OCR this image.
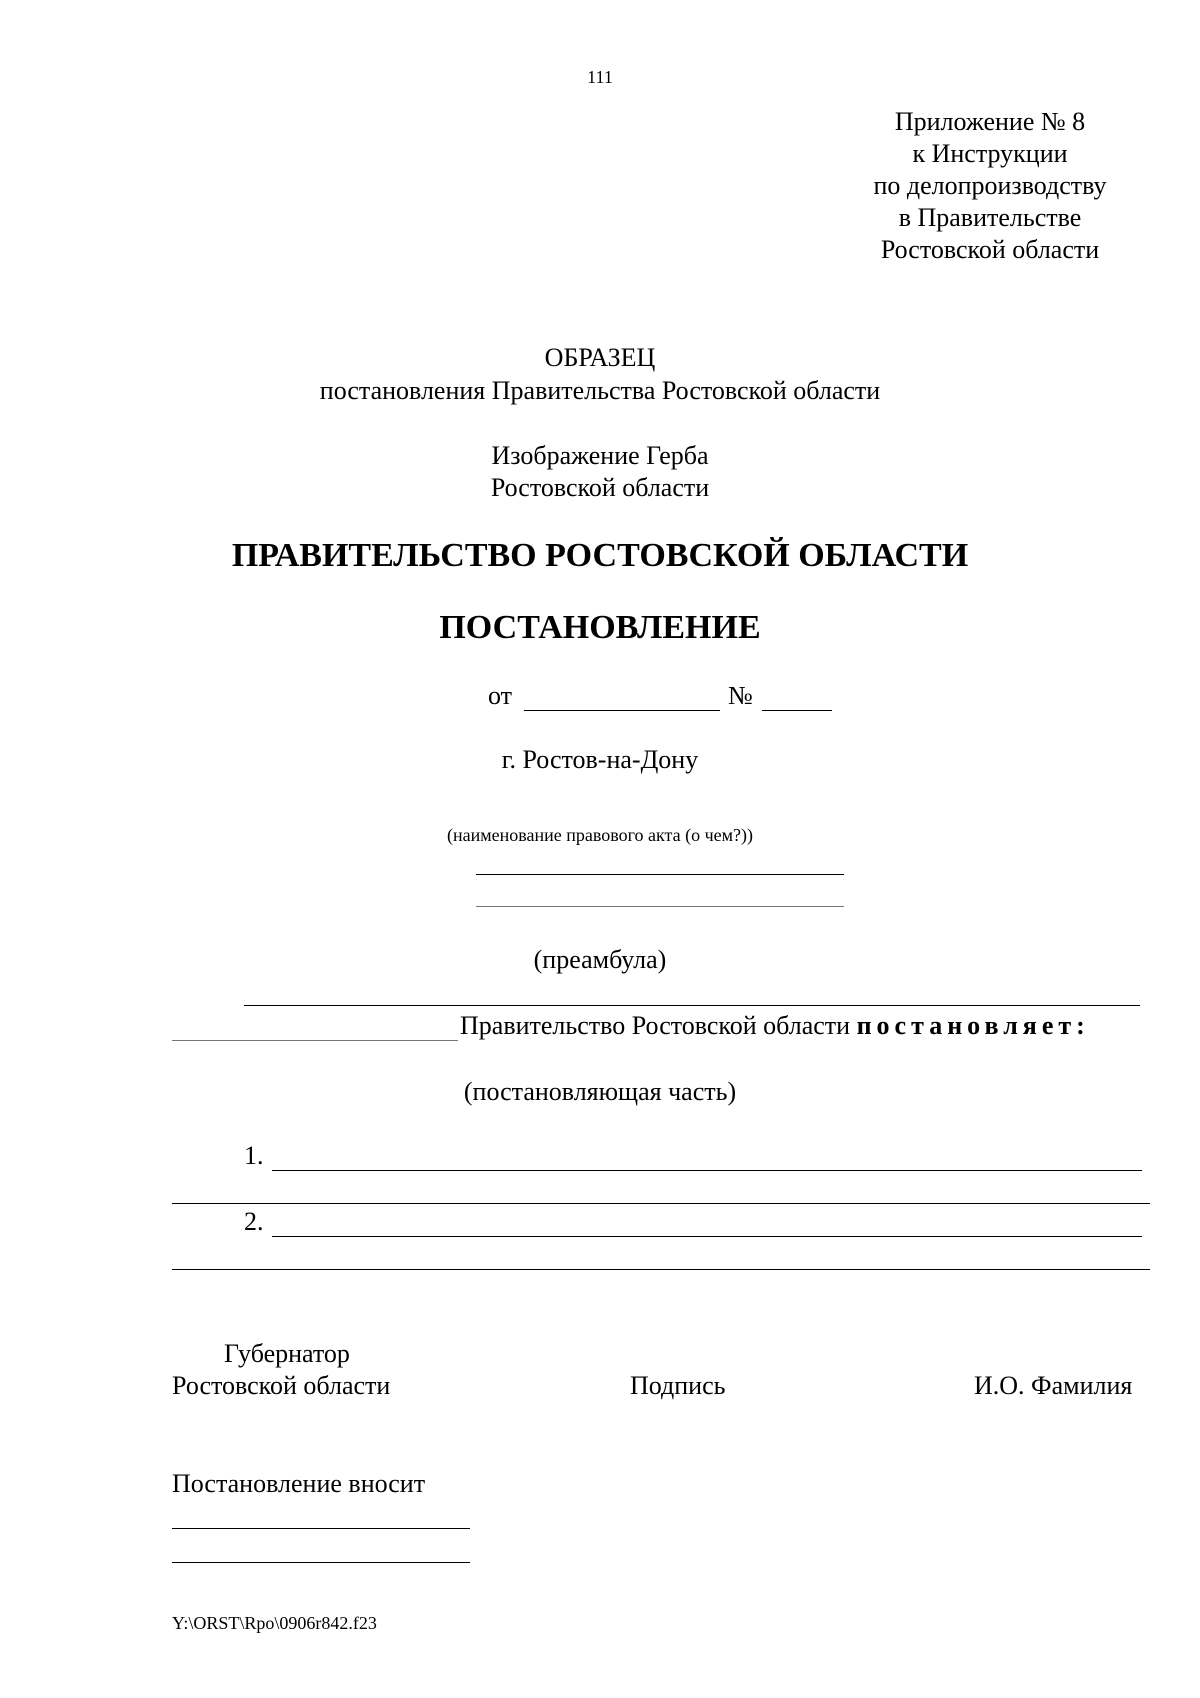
111
Приложение № 8
к Инструкции
по делопроизводству
в Правительстве
Ростовской области
ОБРАЗЕЦ
постановления Правительства Ростовской области
Изображение Герба
Ростовской области
ПРАВИТЕЛЬСТВО РОСТОВСКОЙ ОБЛАСТИ
ПОСТАНОВЛЕНИЕ
от	№
г. Ростов-на-Дону
(наименование правового акта (о чем?))
(преамбула)
Правительство Ростовской области постановляет:
(постановляющая часть)
1.
2.
Губернатор
Ростовской области	Подпись	И.О. Фамилия
Постановление вносит
Y:\ORST\Rpo\0906r842.f23
